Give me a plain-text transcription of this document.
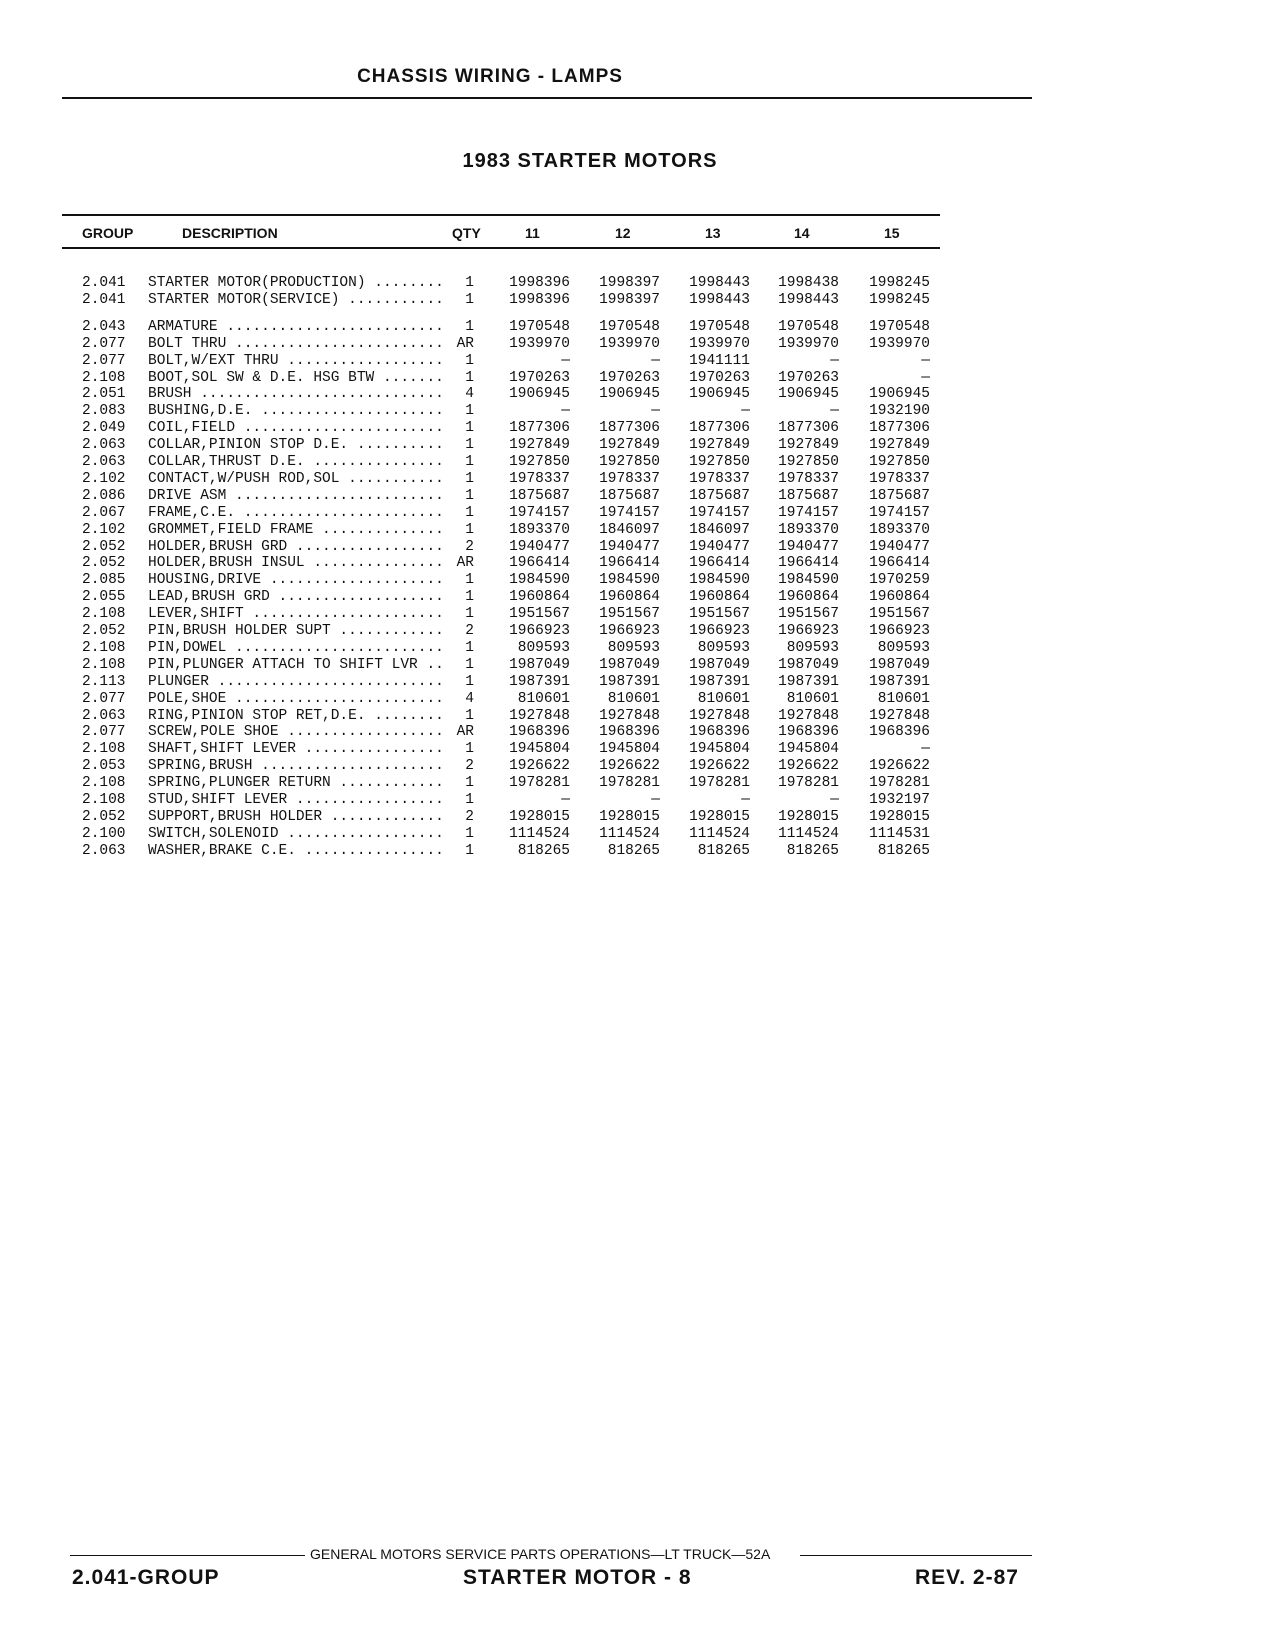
CHASSIS WIRING - LAMPS
1983 STARTER MOTORS
GROUP	DESCRIPTION	QTY	11	12	13	14	15
2.041 STARTER MOTOR(PRODUCTION) ........	1	1998396	1998397	1998443	1998438	1998245
2.041 STARTER MOTOR(SERVICE) ...........	1	1998396	1998397	1998443	1998443	1998245
2.043 ARMATURE .........................	1	1970548	1970548	1970548	1970548	1970548
2.077 BOLT THRU ........................ AR	1939970	1939970	1939970	1939970	1939970
2.077 BOLT,W/EXT THRU ..................	1	—	—	1941111	—	—
2.108 BOOT,SOL SW & D.E. HSG BTW .......	1	1970263	1970263	1970263	1970263	—
2.051 BRUSH ............................	4	1906945	1906945	1906945	1906945	1906945
2.083 BUSHING,D.E. .....................	1	—	—	—	—	1932190
2.049 COIL,FIELD .......................	1	1877306	1877306	1877306	1877306	1877306
2.063 COLLAR,PINION STOP D.E. ..........	1	1927849	1927849	1927849	1927849	1927849
2.063 COLLAR,THRUST D.E. ...............	1	1927850	1927850	1927850	1927850	1927850
2.102 CONTACT,W/PUSH ROD,SOL ...........	1	1978337	1978337	1978337	1978337	1978337
2.086 DRIVE ASM ........................	1	1875687	1875687	1875687	1875687	1875687
2.067 FRAME,C.E. .......................	1	1974157	1974157	1974157	1974157	1974157
2.102 GROMMET,FIELD FRAME ..............	1	1893370	1846097	1846097	1893370	1893370
2.052 HOLDER,BRUSH GRD .................	2	1940477	1940477	1940477	1940477	1940477
2.052 HOLDER,BRUSH INSUL ............... AR	1966414	1966414	1966414	1966414	1966414
2.085 HOUSING,DRIVE ....................	1	1984590	1984590	1984590	1984590	1970259
2.055 LEAD,BRUSH GRD ...................	1	1960864	1960864	1960864	1960864	1960864
2.108 LEVER,SHIFT ......................	1	1951567	1951567	1951567	1951567	1951567
2.052 PIN,BRUSH HOLDER SUPT ............	2	1966923	1966923	1966923	1966923	1966923
2.108 PIN,DOWEL ........................	1	809593	809593	809593	809593	809593
2.108 PIN,PLUNGER ATTACH TO SHIFT LVR ..	1	1987049	1987049	1987049	1987049	1987049
2.113 PLUNGER ..........................	1	1987391	1987391	1987391	1987391	1987391
2.077 POLE,SHOE ........................	4	810601	810601	810601	810601	810601
2.063 RING,PINION STOP RET,D.E. ........	1	1927848	1927848	1927848	1927848	1927848
2.077 SCREW,POLE SHOE .................. AR	1968396	1968396	1968396	1968396	1968396
2.108 SHAFT,SHIFT LEVER ................	1	1945804	1945804	1945804	1945804	—
2.053 SPRING,BRUSH .....................	2	1926622	1926622	1926622	1926622	1926622
2.108 SPRING,PLUNGER RETURN ............	1	1978281	1978281	1978281	1978281	1978281
2.108 STUD,SHIFT LEVER .................	1	—	—	—	—	1932197
2.052 SUPPORT,BRUSH HOLDER .............	2	1928015	1928015	1928015	1928015	1928015
2.100 SWITCH,SOLENOID ..................	1	1114524	1114524	1114524	1114524	1114531
2.063 WASHER,BRAKE C.E. ................	1	818265	818265	818265	818265	818265
GENERAL MOTORS SERVICE PARTS OPERATIONS—LT TRUCK—52A
2.041-GROUP	STARTER MOTOR - 8	REV. 2-87
